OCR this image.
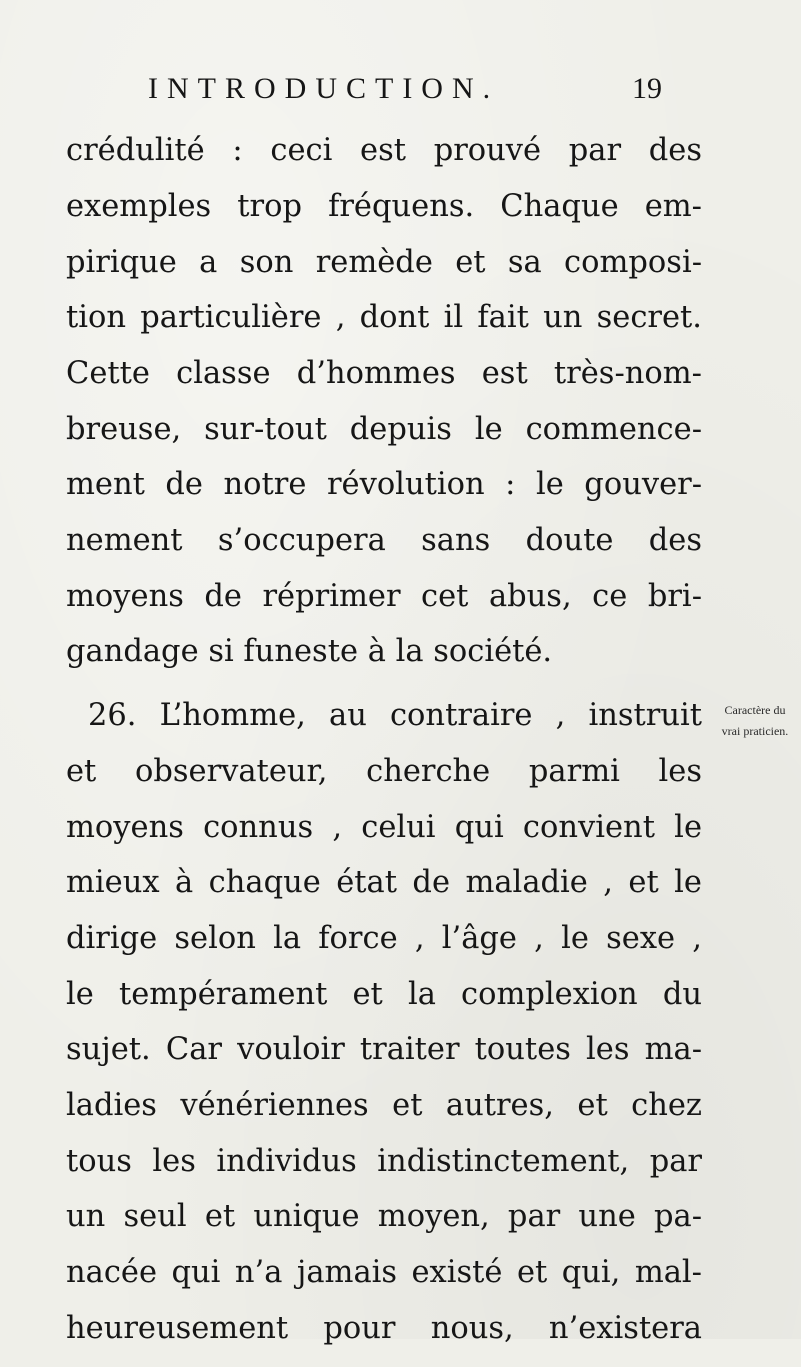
INTRODUCTION.	19
crédulité : ceci est prouvé par des
exemples trop fréquens. Chaque em-
pirique a son remède et sa composi-
tion particulière , dont il fait un secret.
Cette classe d’hommes est très-nom-
breuse, sur-tout depuis le commence-
ment de notre révolution : le gouver-
nement s’occupera sans doute des
moyens de réprimer cet abus, ce bri-
gandage si funeste à la société.
26. L’homme, au contraire , instruit
et observateur, cherche parmi les
moyens connus , celui qui convient le
mieux à chaque état de maladie , et le
dirige selon la force , l’âge , le sexe ,
le tempérament et la complexion du
sujet. Car vouloir traiter toutes les ma-
ladies vénériennes et autres, et chez
tous les individus indistinctement, par
un seul et unique moyen, par une pa-
nacée qui n’a jamais existé et qui, mal-
heureusement pour nous, n’existera
Caractère du
vrai praticien.
